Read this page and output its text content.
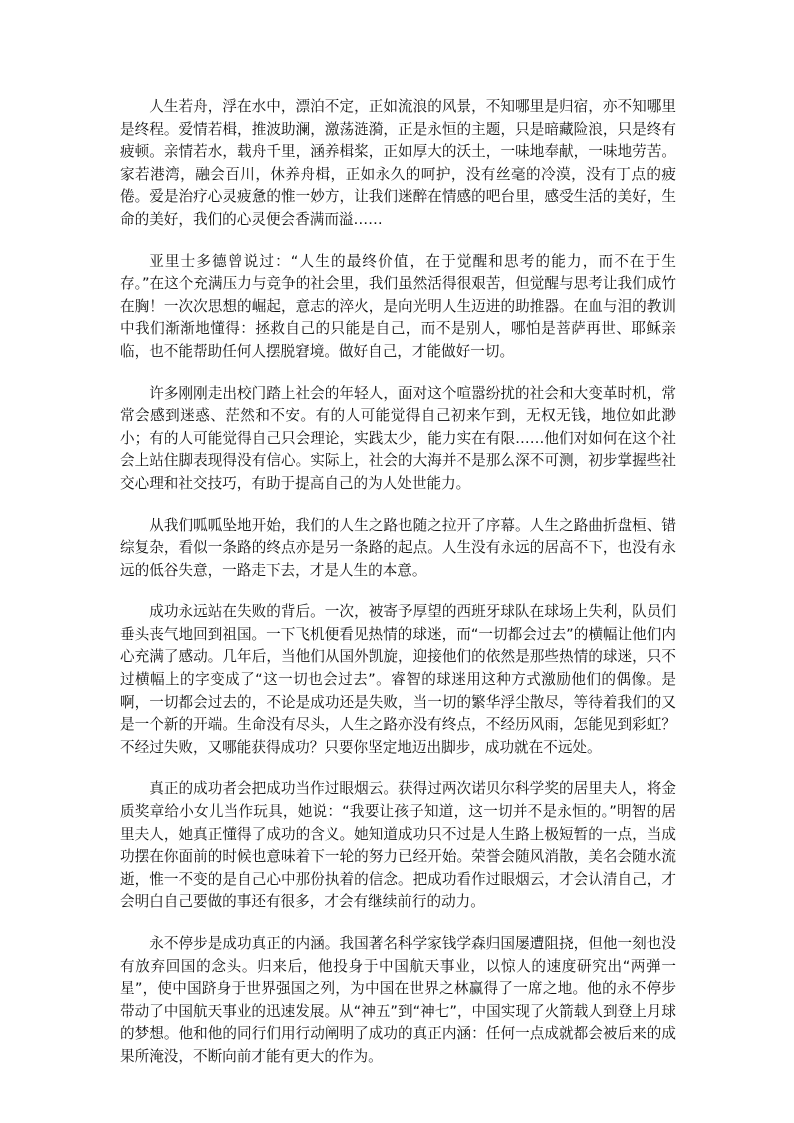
人生若舟，浮在水中，漂泊不定，正如流浪的风景，不知哪里是归宿，亦不知哪里是终程。爱情若楫，推波助澜，激荡涟漪，正是永恒的主题，只是暗藏险浪，只是终有疲顿。亲情若水，载舟千里，涵养楫桨，正如厚大的沃土，一味地奉献，一味地劳苦。家若港湾，融会百川，休养舟楫，正如永久的呵护，没有丝毫的冷漠，没有丁点的疲倦。爱是治疗心灵疲惫的惟一妙方，让我们迷醉在情感的吧台里，感受生活的美好，生命的美好，我们的心灵便会香满而溢……

亚里士多德曾说过：“人生的最终价值，在于觉醒和思考的能力，而不在于生存。”在这个充满压力与竞争的社会里，我们虽然活得很艰苦，但觉醒与思考让我们成竹在胸！一次次思想的崛起，意志的淬火，是向光明人生迈进的助推器。在血与泪的教训中我们渐渐地懂得：拯救自己的只能是自己，而不是别人，哪怕是菩萨再世、耶稣亲临，也不能帮助任何人摆脱窘境。做好自己，才能做好一切。

许多刚刚走出校门踏上社会的年轻人，面对这个喧嚣纷扰的社会和大变革时机，常常会感到迷惑、茫然和不安。有的人可能觉得自己初来乍到，无权无钱，地位如此渺小；有的人可能觉得自己只会理论，实践太少，能力实在有限……他们对如何在这个社会上站住脚表现得没有信心。实际上，社会的大海并不是那么深不可测，初步掌握些社交心理和社交技巧，有助于提高自己的为人处世能力。

从我们呱呱坠地开始，我们的人生之路也随之拉开了序幕。人生之路曲折盘桓、错综复杂，看似一条路的终点亦是另一条路的起点。人生没有永远的居高不下，也没有永远的低谷失意，一路走下去，才是人生的本意。

成功永远站在失败的背后。一次，被寄予厚望的西班牙球队在球场上失利，队员们垂头丧气地回到祖国。一下飞机便看见热情的球迷，而“一切都会过去”的横幅让他们内心充满了感动。几年后，当他们从国外凯旋，迎接他们的依然是那些热情的球迷，只不过横幅上的字变成了“这一切也会过去”。睿智的球迷用这种方式激励他们的偶像。是啊，一切都会过去的，不论是成功还是失败，当一切的繁华浮尘散尽，等待着我们的又是一个新的开端。生命没有尽头，人生之路亦没有终点，不经历风雨，怎能见到彩虹？不经过失败，又哪能获得成功？只要你坚定地迈出脚步，成功就在不远处。

真正的成功者会把成功当作过眼烟云。获得过两次诺贝尔科学奖的居里夫人，将金质奖章给小女儿当作玩具，她说：“我要让孩子知道，这一切并不是永恒的。”明智的居里夫人，她真正懂得了成功的含义。她知道成功只不过是人生路上极短暂的一点，当成功摆在你面前的时候也意味着下一轮的努力已经开始。荣誉会随风消散，美名会随水流逝，惟一不变的是自己心中那份执着的信念。把成功看作过眼烟云，才会认清自己，才会明白自己要做的事还有很多，才会有继续前行的动力。

永不停步是成功真正的内涵。我国著名科学家钱学森归国屡遭阻挠，但他一刻也没有放弃回国的念头。归来后，他投身于中国航天事业，以惊人的速度研究出“两弹一星”，使中国跻身于世界强国之列，为中国在世界之林赢得了一席之地。他的永不停步带动了中国航天事业的迅速发展。从“神五”到“神七”，中国实现了火箭载人到登上月球的梦想。他和他的同行们用行动阐明了成功的真正内涵：任何一点成就都会被后来的成果所淹没，不断向前才能有更大的作为。
